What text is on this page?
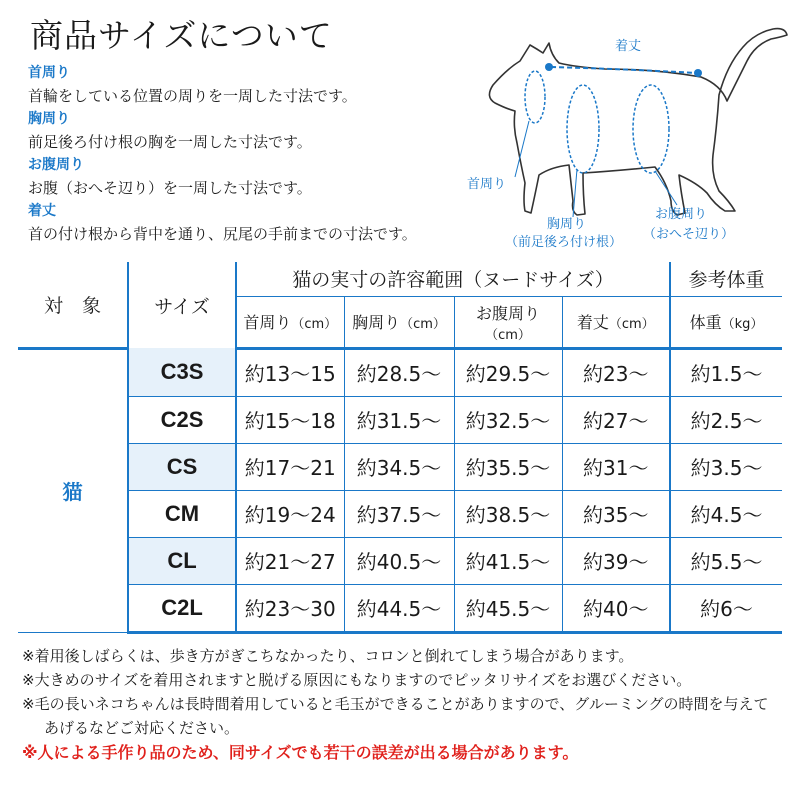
商品サイズについて

首周り
首輪をしている位置の周りを一周した寸法です。

胸周り
前足後ろ付け根の胸を一周した寸法です。

お腹周り
お腹（おへそ辺り）を一周した寸法です。

着丈
首の付け根から背中を通り、尻尾の手前までの寸法です。

着丈
首周り
胸周り
（前足後ろ付け根）
お腹周り
（おへそ辺り）
対　象	サイズ	猫の実寸の許容範囲（ヌードサイズ）				参考体重
		首周り（cm）	胸周り（cm）	お腹周り（cm）	着丈（cm）	体重（kg）
猫	C3S	約13～15	約28.5～	約29.5～	約23～	約1.5～
	C2S	約15～18	約31.5～	約32.5～	約27～	約2.5～
	CS	約17～21	約34.5～	約35.5～	約31～	約3.5～
	CM	約19～24	約37.5～	約38.5～	約35～	約4.5～
	CL	約21～27	約40.5～	約41.5～	約39～	約5.5～
	C2L	約23～30	約44.5～	約45.5～	約40～	約6～
※着用後しばらくは、歩き方がぎこちなかったり、コロンと倒れてしまう場合があります。
※大きめのサイズを着用されますと脱げる原因にもなりますのでピッタリサイズをお選びください。
※毛の長いネコちゃんは長時間着用していると毛玉ができることがありますので、グルーミングの時間を与えてあげるなどご対応ください。
※人による手作り品のため、同サイズでも若干の誤差が出る場合があります。
